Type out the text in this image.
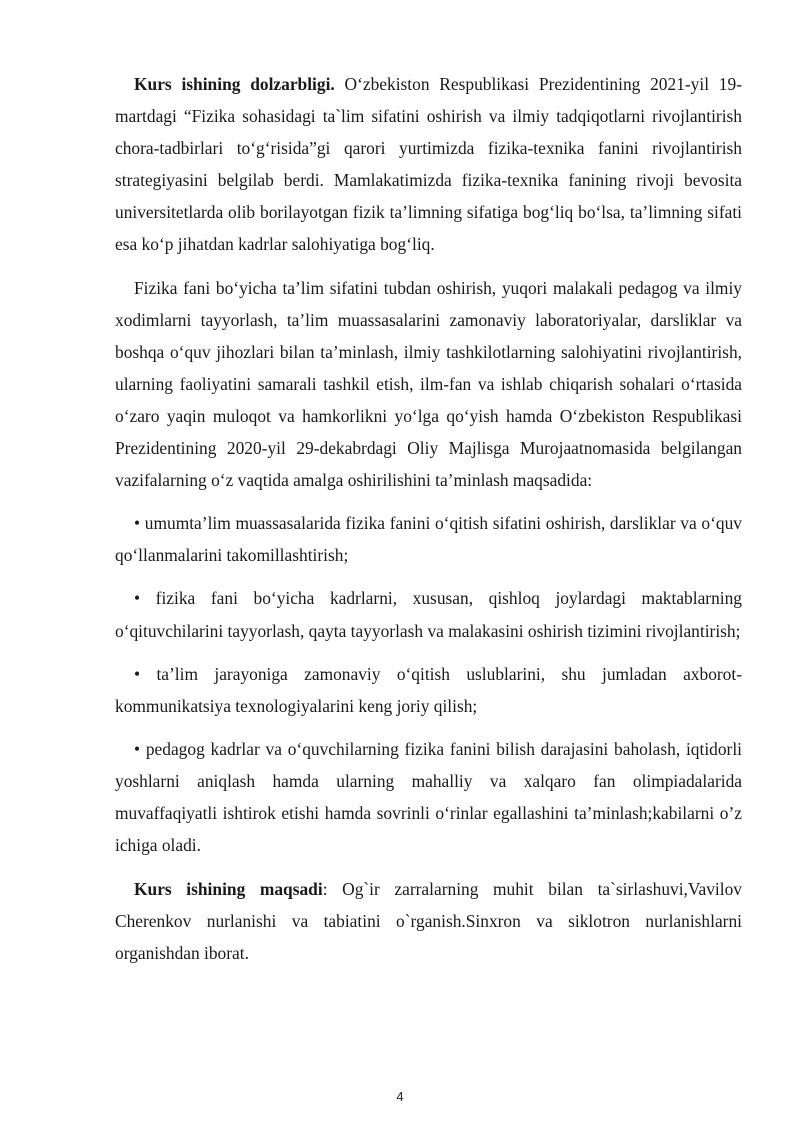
Kurs ishining dolzarbligi. O‘zbekiston Respublikasi Prezidentining 2021-yil 19-martdagi “Fizika sohasidagi ta`lim sifatini oshirish va ilmiy tadqiqotlarni rivojlantirish chora-tadbirlari to‘g‘risida”gi qarori yurtimizda fizika-texnika fanini rivojlantirish strategiyasini belgilab berdi. Mamlakatimizda fizika-texnika fanining rivoji bevosita universitetlarda olib borilayotgan fizik ta’limning sifatiga bog‘liq bo‘lsa, ta’limning sifati esa ko‘p jihatdan kadrlar salohiyatiga bog‘liq.

Fizika fani bo‘yicha ta’lim sifatini tubdan oshirish, yuqori malakali pedagog va ilmiy xodimlarni tayyorlash, ta’lim muassasalarini zamonaviy laboratoriyalar, darsliklar va boshqa o‘quv jihozlari bilan ta’minlash, ilmiy tashkilotlarning salohiyatini rivojlantirish, ularning faoliyatini samarali tashkil etish, ilm-fan va ishlab chiqarish sohalari o‘rtasida o‘zaro yaqin muloqot va hamkorlikni yo‘lga qo‘yish hamda O‘zbekiston Respublikasi Prezidentining 2020-yil 29-dekabrdagi Oliy Majlisga Murojaatnomasida belgilangan vazifalarning o‘z vaqtida amalga oshirilishini ta’minlash maqsadida:

• umumta’lim muassasalarida fizika fanini o‘qitish sifatini oshirish, darsliklar va o‘quv qo‘llanmalarini takomillashtirish;

• fizika fani bo‘yicha kadrlarni, xususan, qishloq joylardagi maktablarning o‘qituvchilarini tayyorlash, qayta tayyorlash va malakasini oshirish tizimini rivojlantirish;

• ta’lim jarayoniga zamonaviy o‘qitish uslublarini, shu jumladan axborot-kommunikatsiya texnologiyalarini keng joriy qilish;

• pedagog kadrlar va o‘quvchilarning fizika fanini bilish darajasini baholash, iqtidorli yoshlarni aniqlash hamda ularning mahalliy va xalqaro fan olimpiadalarida muvaffaqiyatli ishtirok etishi hamda sovrinli o‘rinlar egallashini ta’minlash;kabilarni o’z ichiga oladi.

Kurs ishining maqsadi: Og`ir zarralarning muhit bilan ta`sirlashuvi,Vavilov Cherenkov nurlanishi va tabiatini o`rganish.Sinxron va siklotron nurlanishlarni organishdan iborat.

4
